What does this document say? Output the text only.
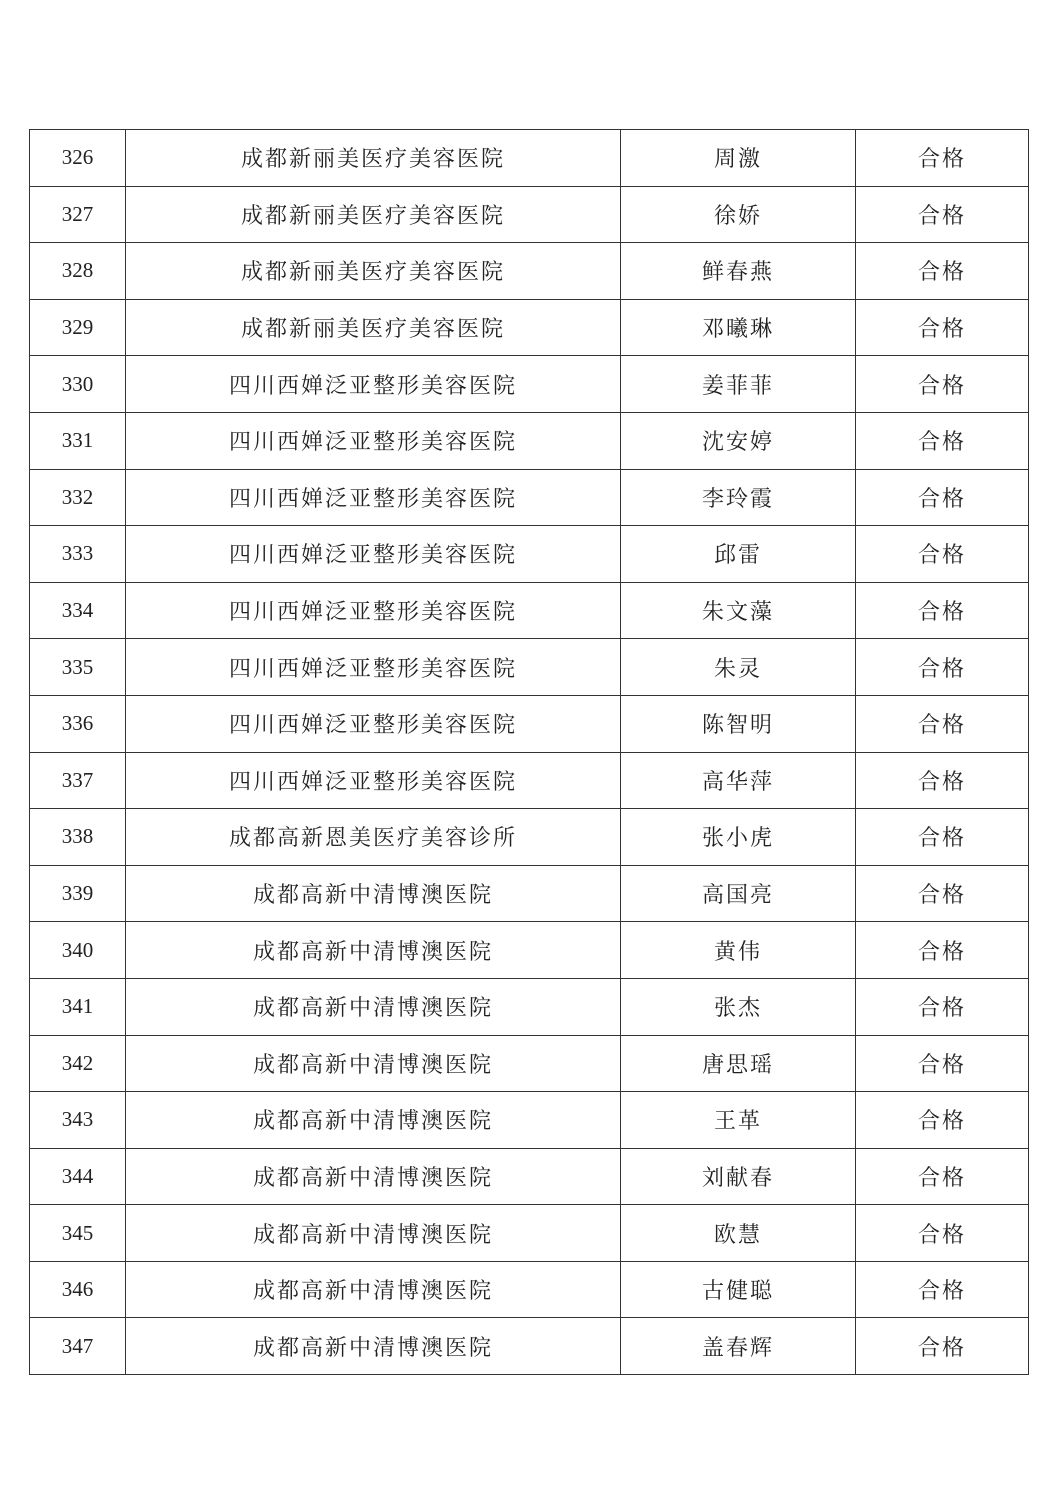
326	成都新丽美医疗美容医院	周激	合格
327	成都新丽美医疗美容医院	徐娇	合格
328	成都新丽美医疗美容医院	鲜春燕	合格
329	成都新丽美医疗美容医院	邓曦琳	合格
330	四川西婵泛亚整形美容医院	姜菲菲	合格
331	四川西婵泛亚整形美容医院	沈安婷	合格
332	四川西婵泛亚整形美容医院	李玲霞	合格
333	四川西婵泛亚整形美容医院	邱雷	合格
334	四川西婵泛亚整形美容医院	朱文藻	合格
335	四川西婵泛亚整形美容医院	朱灵	合格
336	四川西婵泛亚整形美容医院	陈智明	合格
337	四川西婵泛亚整形美容医院	高华萍	合格
338	成都高新恩美医疗美容诊所	张小虎	合格
339	成都高新中清博澳医院	高国亮	合格
340	成都高新中清博澳医院	黄伟	合格
341	成都高新中清博澳医院	张杰	合格
342	成都高新中清博澳医院	唐思瑶	合格
343	成都高新中清博澳医院	王革	合格
344	成都高新中清博澳医院	刘献春	合格
345	成都高新中清博澳医院	欧慧	合格
346	成都高新中清博澳医院	古健聪	合格
347	成都高新中清博澳医院	盖春辉	合格
